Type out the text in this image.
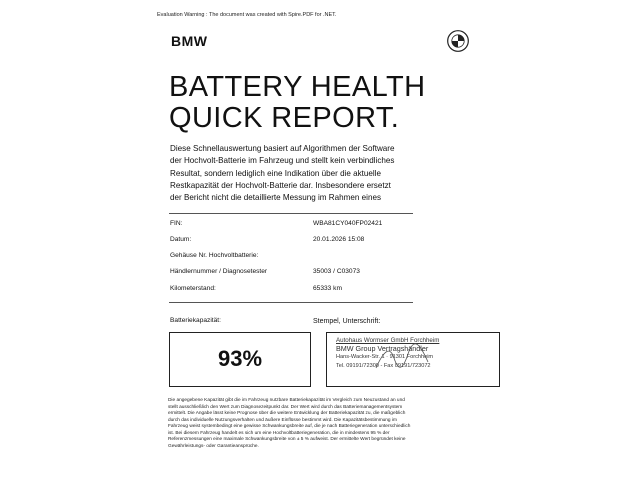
Evaluation Warning : The document was created with Spire.PDF for .NET.
BMW
BATTERY HEALTH
QUICK REPORT.
Diese Schnellauswertung basiert auf Algorithmen der Software der Hochvolt-Batterie im Fahrzeug und stellt kein verbindliches Resultat, sondern lediglich eine Indikation über die aktuelle Restkapazität der Hochvolt-Batterie dar. Insbesondere ersetzt der Bericht nicht die detaillierte Messung im Rahmen eines
FIN:	WBA81CY040FP02421
Datum:	20.01.2026 15:08
Gehäuse Nr. Hochvoltbatterie:
Händlernummer / Diagnosetester	35003 / C03073
Kilometerstand:	65333 km
Batteriekapazität:	Stempel, Unterschrift:
93%
Autohaus Wormser GmbH Forchheim
BMW Group Vertragshändler
Hans-Wacker-Str. 1 · 91301 Forchheim
Tel. 09191/72300 - Fax 09191/723072
Die angegebene Kapazität gibt die im Fahrzeug nutzbare Batteriekapazität im Vergleich zum Neuzustand an und stellt ausschließlich den Wert zum Diagnosezeitpunkt dar. Der Wert wird durch das Batteriemanagementsystem ermittelt. Die Angabe lässt keine Prognose über die weitere Entwicklung der Batteriekapazität zu, die maßgeblich durch das individuelle Nutzungsverhalten und äußere Einflüsse bestimmt wird. Die Kapazitätsbestimmung im Fahrzeug weist systembedingt eine gewisse Schwankungsbreite auf, die je nach Batteriegeneration unterschiedlich ist. Bei diesem Fahrzeug handelt es sich um eine Hochvoltbatteriegeneration, die in mindestens 95 % der Referenzmessungen eine maximale Schwankungsbreite von ± 5 % aufweist. Der ermittelte Wert begründet keine Gewährleistungs- oder Garantieansprüche.
